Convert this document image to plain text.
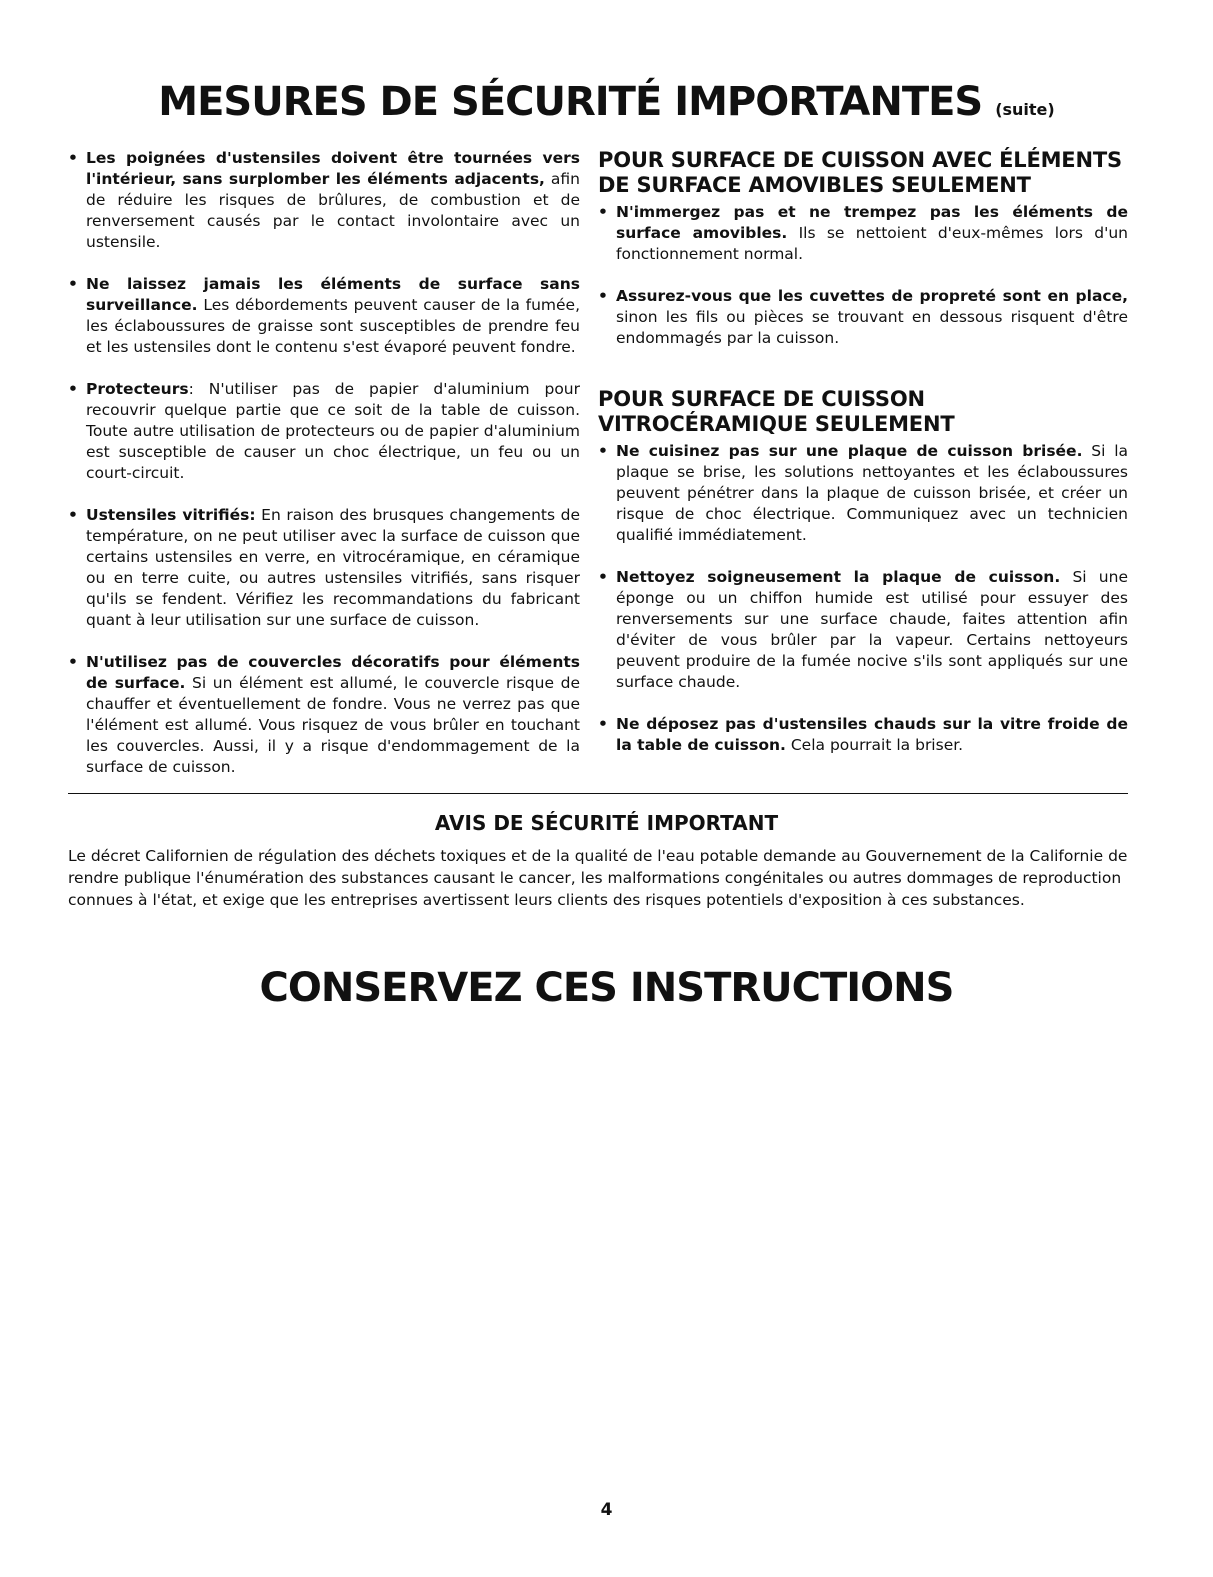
MESURES DE SÉCURITÉ IMPORTANTES (suite)
• Les poignées d'ustensiles doivent être tournées vers l'intérieur, sans surplomber les éléments adjacents, afin de réduire les risques de brûlures, de combustion et de renversement causés par le contact involontaire avec un ustensile.
• Ne laissez jamais les éléments de surface sans surveillance. Les débordements peuvent causer de la fumée, les éclaboussures de graisse sont susceptibles de prendre feu et les ustensiles dont le contenu s'est évaporé peuvent fondre.
• Protecteurs: N'utiliser pas de papier d'aluminium pour recouvrir quelque partie que ce soit de la table de cuisson. Toute autre utilisation de protecteurs ou de papier d'aluminium est susceptible de causer un choc électrique, un feu ou un court-circuit.
• Ustensiles vitrifiés: En raison des brusques changements de température, on ne peut utiliser avec la surface de cuisson que certains ustensiles en verre, en vitrocéramique, en céramique ou en terre cuite, ou autres ustensiles vitrifiés, sans risquer qu'ils se fendent. Vérifiez les recommandations du fabricant quant à leur utilisation sur une surface de cuisson.
• N'utilisez pas de couvercles décoratifs pour éléments de surface. Si un élément est allumé, le couvercle risque de chauffer et éventuellement de fondre. Vous ne verrez pas que l'élément est allumé. Vous risquez de vous brûler en touchant les couvercles. Aussi, il y a risque d'endommagement de la surface de cuisson.
POUR SURFACE DE CUISSON AVEC ÉLÉMENTS DE SURFACE AMOVIBLES SEULEMENT
• N'immergez pas et ne trempez pas les éléments de surface amovibles. Ils se nettoient d'eux-mêmes lors d'un fonctionnement normal.
• Assurez-vous que les cuvettes de propreté sont en place, sinon les fils ou pièces se trouvant en dessous risquent d'être endommagés par la cuisson.
POUR SURFACE DE CUISSON VITROCÉRAMIQUE SEULEMENT
• Ne cuisinez pas sur une plaque de cuisson brisée. Si la plaque se brise, les solutions nettoyantes et les éclaboussures peuvent pénétrer dans la plaque de cuisson brisée, et créer un risque de choc électrique. Communiquez avec un technicien qualifié immédiatement.
• Nettoyez soigneusement la plaque de cuisson. Si une éponge ou un chiffon humide est utilisé pour essuyer des renversements sur une surface chaude, faites attention afin d'éviter de vous brûler par la vapeur. Certains nettoyeurs peuvent produire de la fumée nocive s'ils sont appliqués sur une surface chaude.
• Ne déposez pas d'ustensiles chauds sur la vitre froide de la table de cuisson. Cela pourrait la briser.
AVIS DE SÉCURITÉ IMPORTANT
Le décret Californien de régulation des déchets toxiques et de la qualité de l'eau potable demande au Gouvernement de la Californie de rendre publique l'énumération des substances causant le cancer, les malformations congénitales ou autres dommages de reproduction connues à l'état, et exige que les entreprises avertissent leurs clients des risques potentiels d'exposition à ces substances.
CONSERVEZ CES INSTRUCTIONS
4
